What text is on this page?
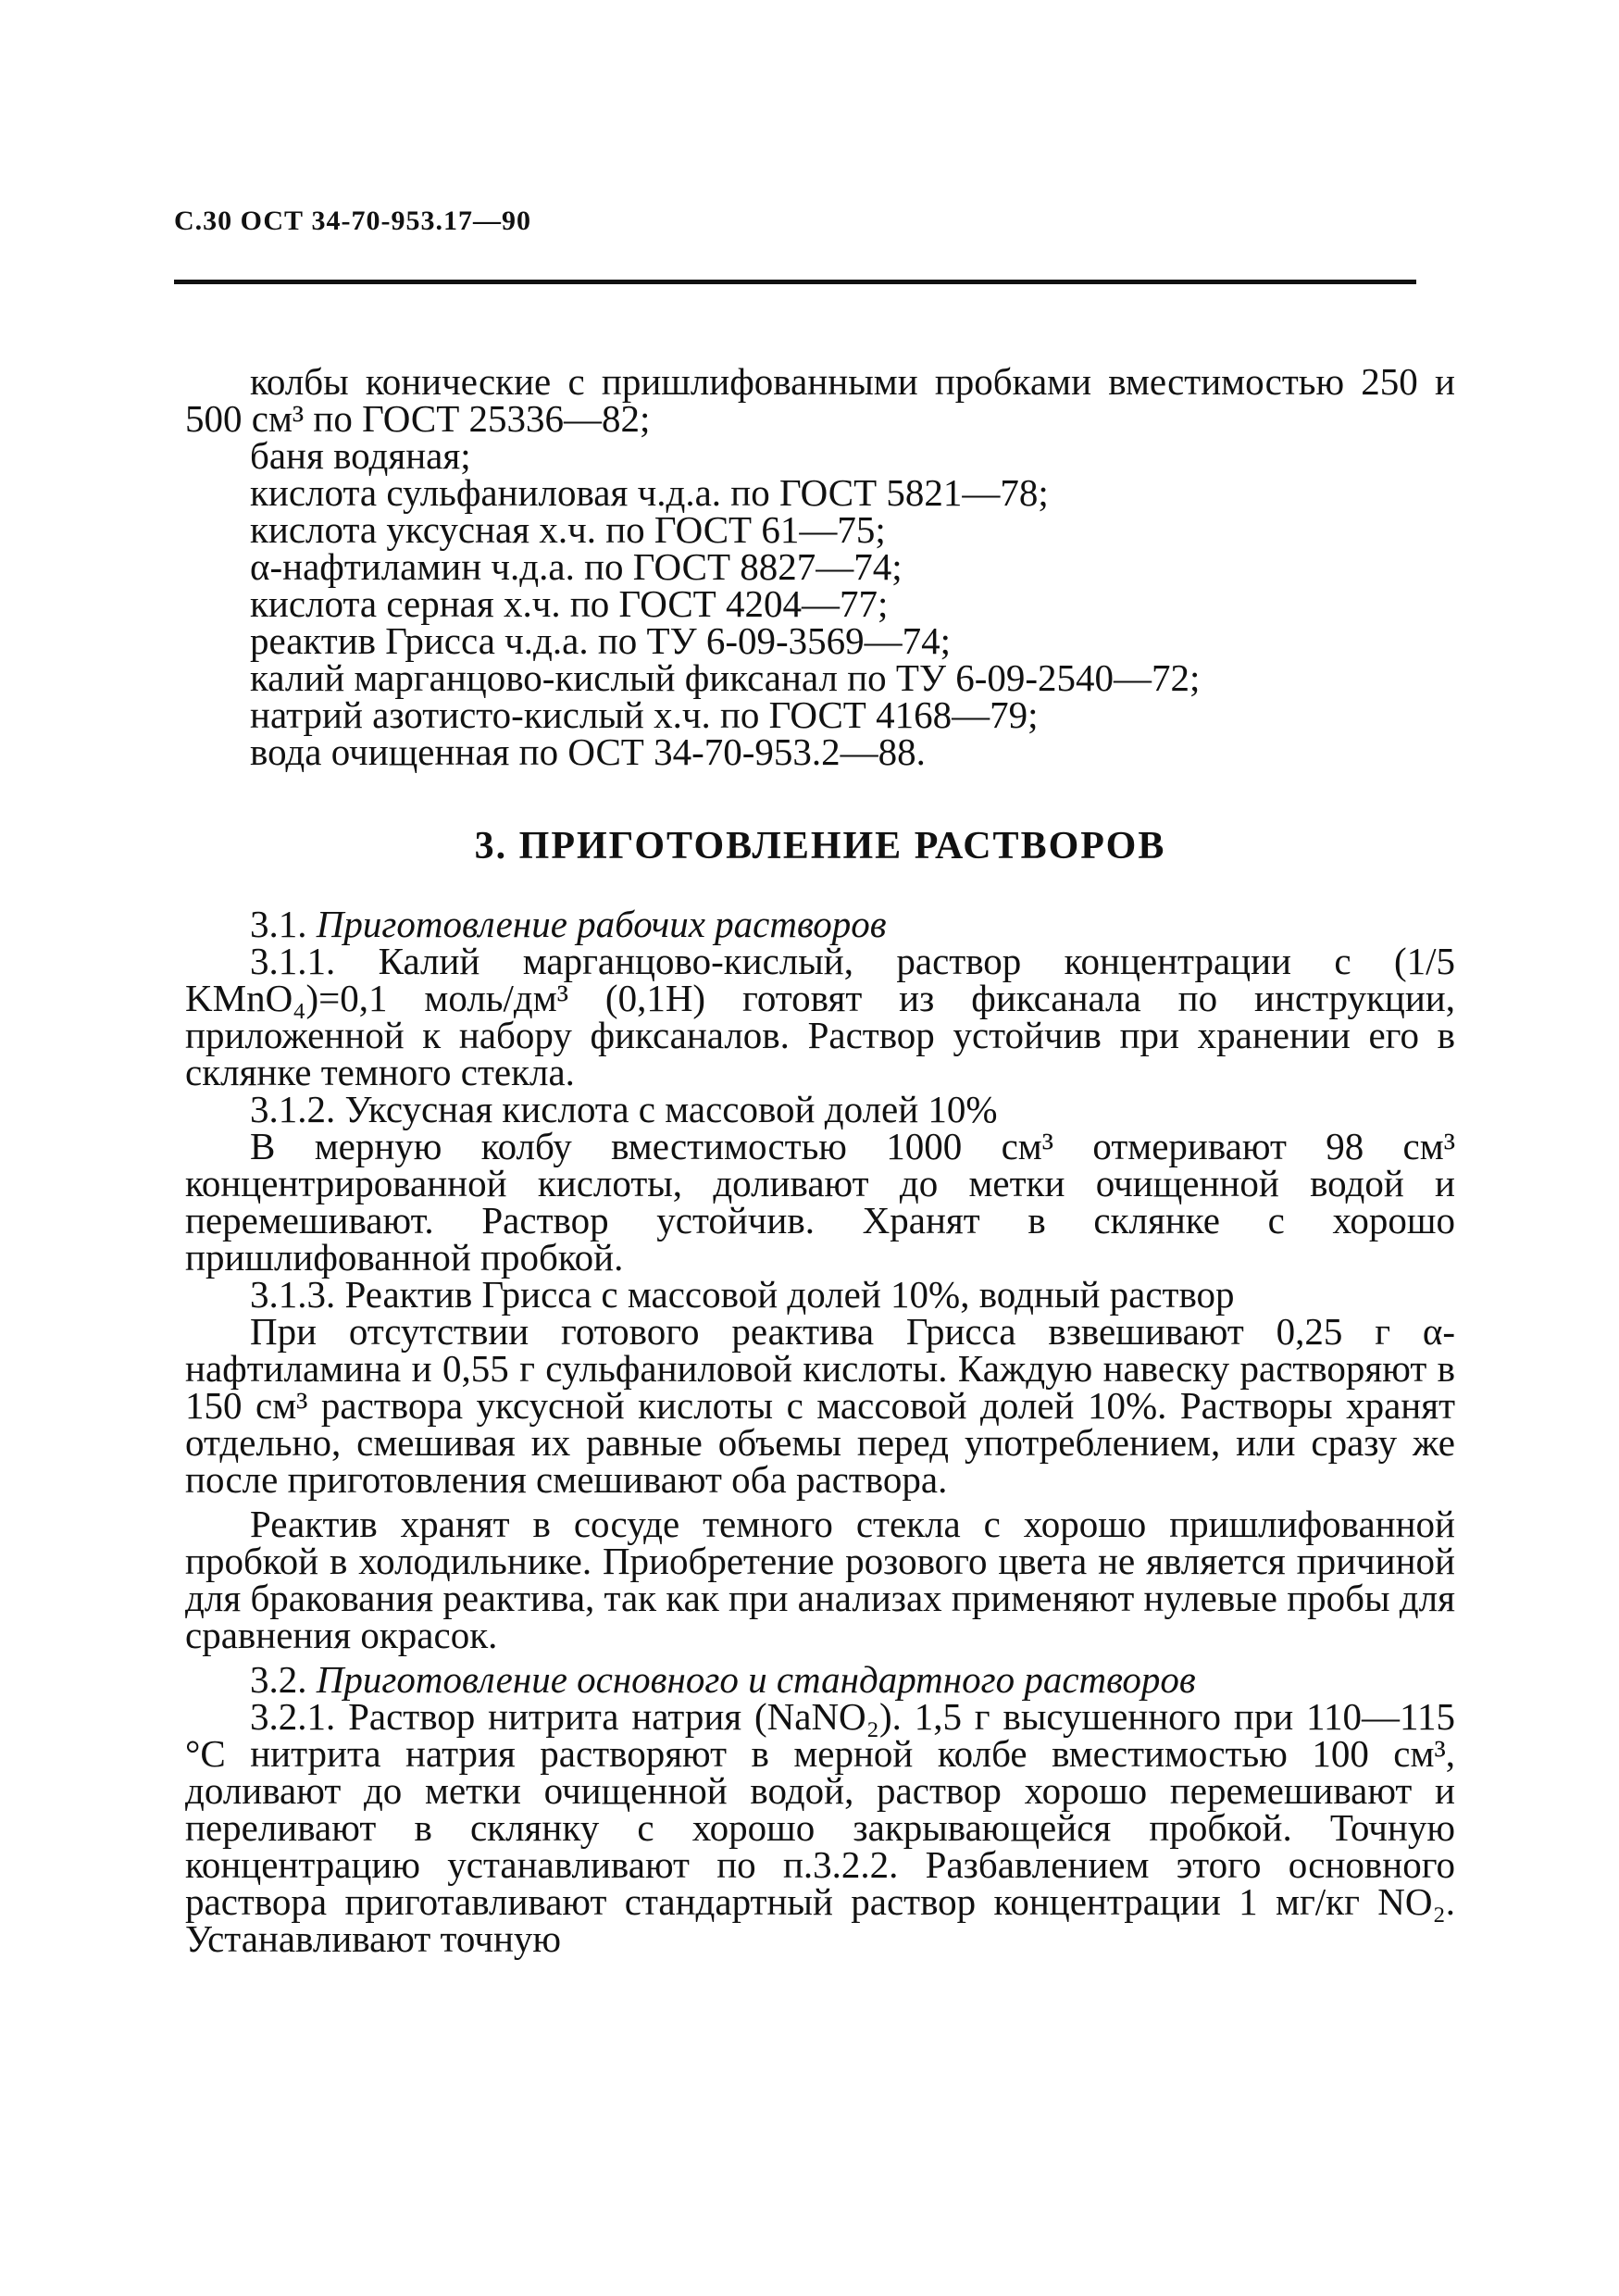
С.30 ОСТ 34-70-953.17—90

колбы конические с пришлифованными пробками вместимостью 250 и 500 см³ по ГОСТ 25336—82;

баня водяная;

кислота сульфаниловая ч.д.а. по ГОСТ 5821—78;

кислота уксусная х.ч. по ГОСТ 61—75;

α-нафтиламин ч.д.а. по ГОСТ 8827—74;

кислота серная х.ч. по ГОСТ 4204—77;

реактив Грисса ч.д.а. по ТУ 6-09-3569—74;

калий марганцово-кислый фиксанал по ТУ 6-09-2540—72;

натрий азотисто-кислый х.ч. по ГОСТ 4168—79;

вода очищенная по ОСТ 34-70-953.2—88.

3. ПРИГОТОВЛЕНИЕ РАСТВОРОВ

3.1. Приготовление рабочих растворов

3.1.1. Калий марганцово-кислый, раствор концентрации с (1/5 KMnO₄)=0,1 моль/дм³ (0,1Н) готовят из фиксанала по инструкции, приложенной к набору фиксаналов. Раствор устойчив при хранении его в склянке темного стекла.

3.1.2. Уксусная кислота с массовой долей 10%

В мерную колбу вместимостью 1000 см³ отмеривают 98 см³ концентрированной кислоты, доливают до метки очищенной водой и перемешивают. Раствор устойчив. Хранят в склянке с хорошо пришлифованной пробкой.

3.1.3. Реактив Грисса с массовой долей 10%, водный раствор

При отсутствии готового реактива Грисса взвешивают 0,25 г α-нафтиламина и 0,55 г сульфаниловой кислоты. Каждую навеску растворяют в 150 см³ раствора уксусной кислоты с массовой долей 10%. Растворы хранят отдельно, смешивая их равные объемы перед употреблением, или сразу же после приготовления смешивают оба раствора.

Реактив хранят в сосуде темного стекла с хорошо пришлифованной пробкой в холодильнике. Приобретение розового цвета не является причиной для бракования реактива, так как при анализах применяют нулевые пробы для сравнения окрасок.

3.2. Приготовление основного и стандартного растворов

3.2.1. Раствор нитрита натрия (NaNO₂). 1,5 г высушенного при 110—115 °С нитрита натрия растворяют в мерной колбе вместимостью 100 см³, доливают до метки очищенной водой, раствор хорошо перемешивают и переливают в склянку с хорошо закрывающейся пробкой. Точную концентрацию устанавливают по п.3.2.2. Разбавлением этого основного раствора приготавливают стандартный раствор концентрации 1 мг/кг NO₂. Устанавливают точную
